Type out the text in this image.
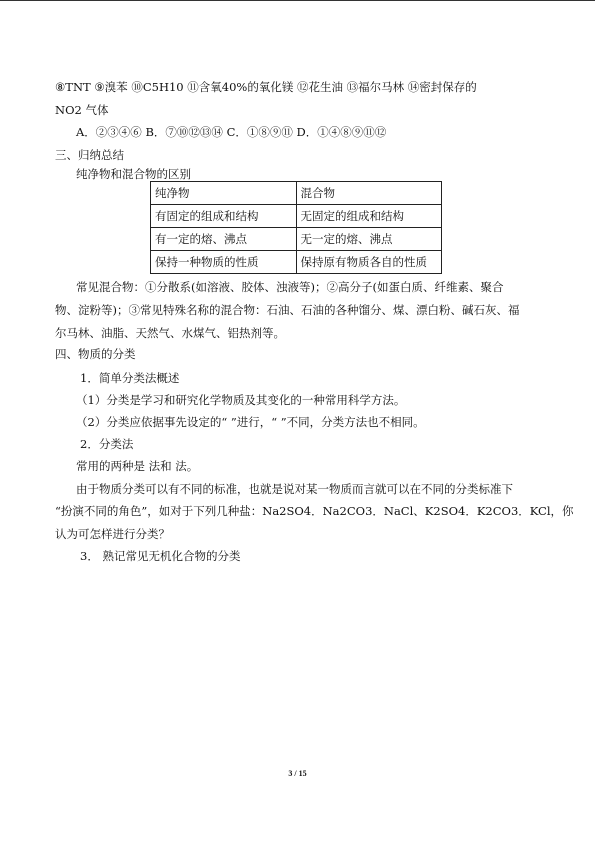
⑧TNT ⑨溴苯 ⑩C5H10 ⑪含氧40%的氧化镁 ⑫花生油 ⑬福尔马林 ⑭密封保存的
NO2 气体
A．②③④⑥ B．⑦⑩⑫⑬⑭ C．①⑧⑨⑪ D．①④⑧⑨⑪⑫
三、归纳总结
纯净物和混合物的区别
纯净物	混合物
有固定的组成和结构	无固定的组成和结构
有一定的熔、沸点	无一定的熔、沸点
保持一种物质的性质	保持原有物质各自的性质
常见混合物：①分散系(如溶液、胶体、浊液等)；②高分子(如蛋白质、纤维素、聚合
物、淀粉等)；③常见特殊名称的混合物：石油、石油的各种馏分、煤、漂白粉、碱石灰、福
尔马林、油脂、天然气、水煤气、铝热剂等。
四、物质的分类
1．简单分类法概述
（1）分类是学习和研究化学物质及其变化的一种常用科学方法。
（2）分类应依据事先设定的“ ”进行，“ ”不同，分类方法也不相同。
2．分类法
常用的两种是 法和 法。
由于物质分类可以有不同的标准，也就是说对某一物质而言就可以在不同的分类标准下
“扮演不同的角色”，如对于下列几种盐：Na2SO4．Na2CO3．NaCl、K2SO4．K2CO3．KCl，你
认为可怎样进行分类？
3． 熟记常见无机化合物的分类
3 / 15
